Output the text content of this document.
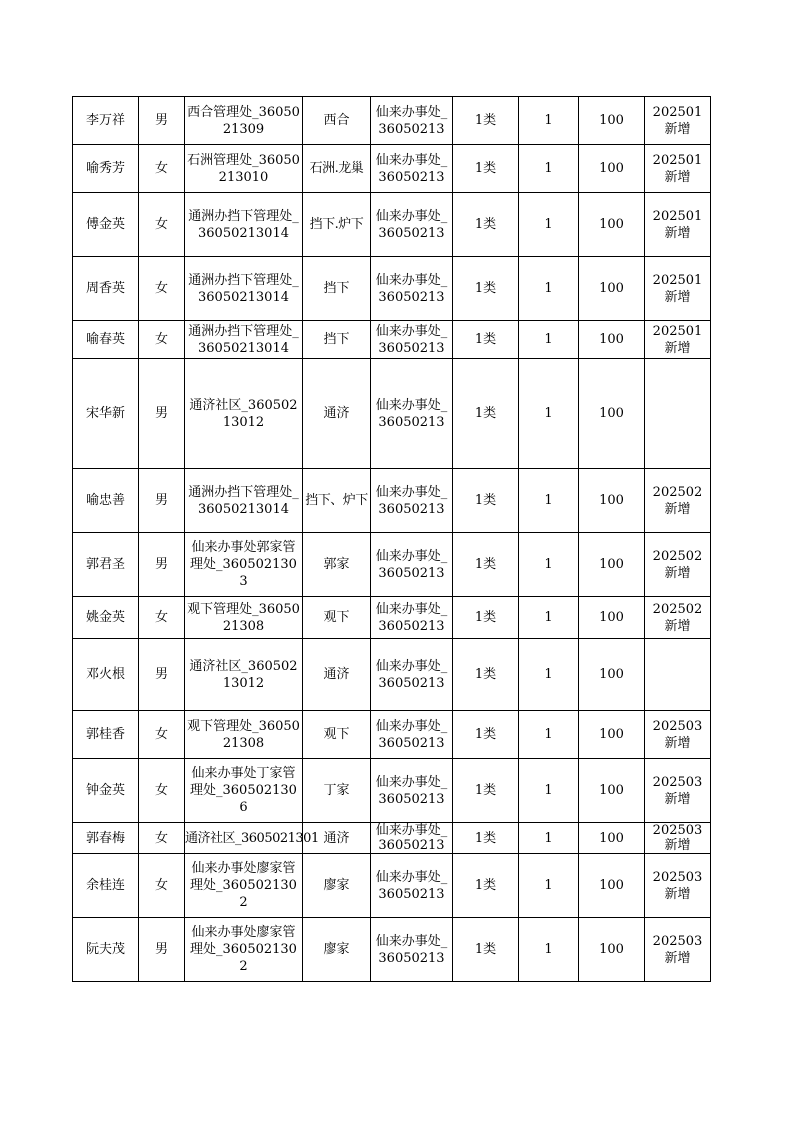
李万祥	男	西合管理处_3605021309	西合	仙来办事处_36050213	1类	1	100	202501新增
喻秀芳	女	石洲管理处_36050213010	石洲.龙巢	仙来办事处_36050213	1类	1	100	202501新增
傅金英	女	通洲办挡下管理处_36050213014	挡下.炉下	仙来办事处_36050213	1类	1	100	202501新增
周香英	女	通洲办挡下管理处_36050213014	挡下	仙来办事处_36050213	1类	1	100	202501新增
喻春英	女	通洲办挡下管理处_36050213014	挡下	仙来办事处_36050213	1类	1	100	202501新增
宋华新	男	通济社区_36050213012	通济	仙来办事处_36050213	1类	1	100	
喻忠善	男	通洲办挡下管理处_36050213014	挡下、炉下	仙来办事处_36050213	1类	1	100	202502新增
郭君圣	男	仙来办事处郭家管理处_3605021303	郭家	仙来办事处_36050213	1类	1	100	202502新增
姚金英	女	观下管理处_3605021308	观下	仙来办事处_36050213	1类	1	100	202502新增
邓火根	男	通济社区_36050213012	通济	仙来办事处_36050213	1类	1	100	
郭桂香	女	观下管理处_3605021308	观下	仙来办事处_36050213	1类	1	100	202503新增
钟金英	女	仙来办事处丁家管理处_3605021306	丁家	仙来办事处_36050213	1类	1	100	202503新增
郭春梅	女	通济社区_3605021301	通济	仙来办事处_36050213	1类	1	100	202503新增
余桂连	女	仙来办事处廖家管理处_3605021302	廖家	仙来办事处_36050213	1类	1	100	202503新增
阮夫茂	男	仙来办事处廖家管理处_3605021302	廖家	仙来办事处_36050213	1类	1	100	202503新增
